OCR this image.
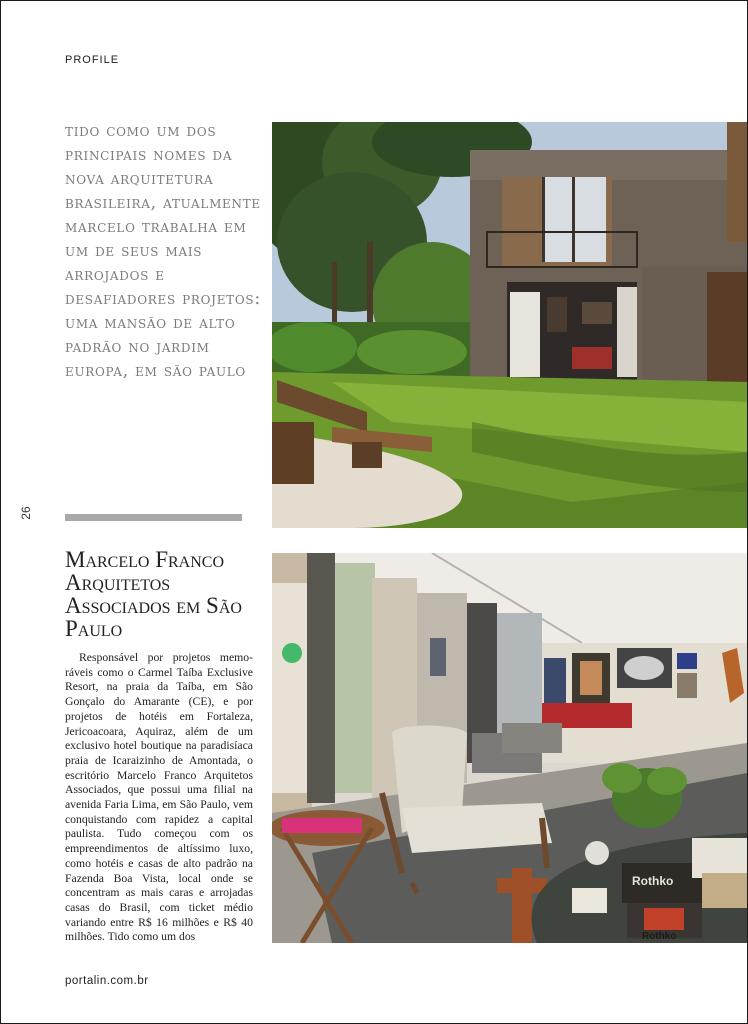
PROFILE

tido como um dos principais nomes da nova arquitetura brasileira, atualmente marcelo trabalha em um de seus mais arrojados e desafiadores projetos: uma mansão de alto padrão no jardim europa, em são paulo

26
Marcelo Franco Arquitetos Associados em São Paulo

Responsável por projetos memoráveis como o Carmel Taíba Exclusive Resort, na praia da Taíba, em São Gonçalo do Amarante (CE), e por projetos de hotéis em Fortaleza, Jericoacoara, Aquiraz, além de um exclusivo hotel boutique na paradisíaca praia de Icaraizinho de Amontada, o escritório Marcelo Franco Arquitetos Associados, que possui uma filial na avenida Faria Lima, em São Paulo, vem conquistando com rapidez a capital paulista. Tudo começou com os empreendimentos de altíssimo luxo, como hotéis e casas de alto padrão na Fazenda Boa Vista, local onde se concentram as mais caras e arrojadas casas do Brasil, com ticket médio variando entre R$ 16 milhões e R$ 40 milhões. Tido como um dos

Rothko
Rothko
portalin.com.br
